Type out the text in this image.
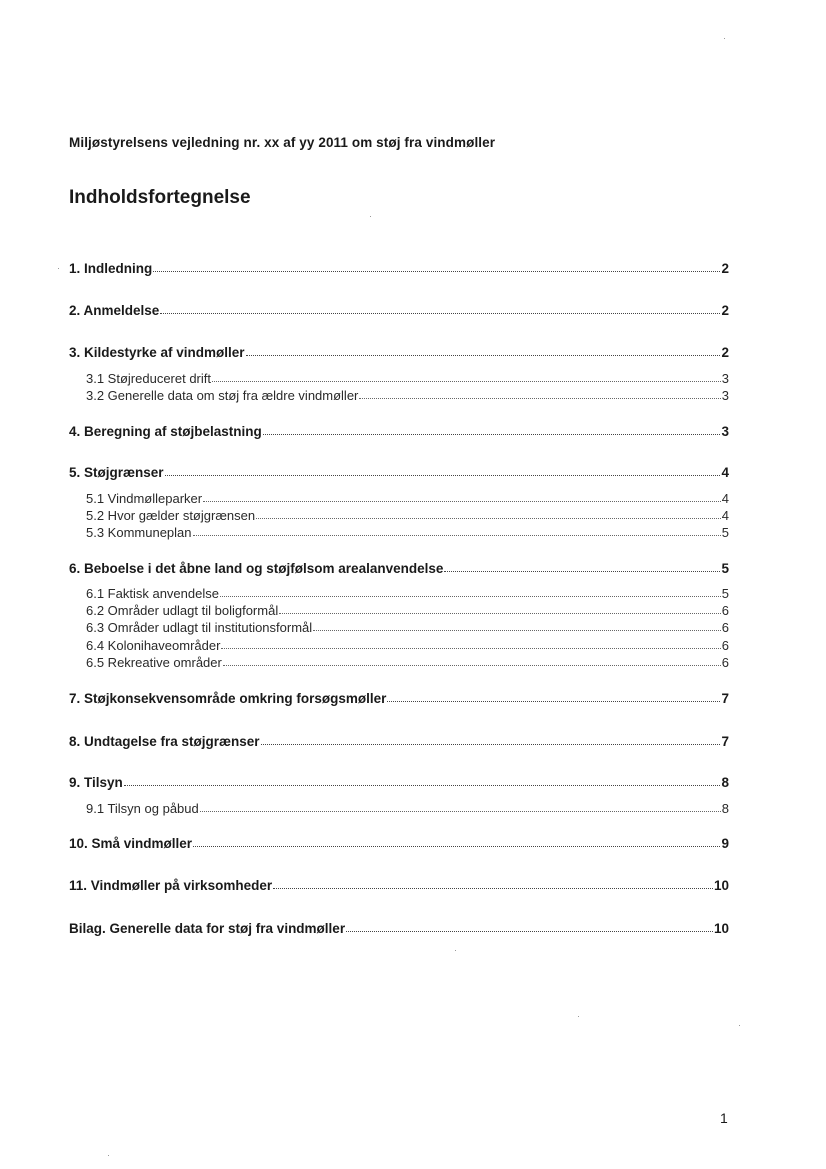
Miljøstyrelsens vejledning nr. xx af yy 2011 om støj fra vindmøller
Indholdsfortegnelse
1. Indledning	2
2. Anmeldelse	2
3. Kildestyrke af vindmøller	2
3.1 Støjreduceret drift	3
3.2 Generelle data om støj fra ældre vindmøller	3
4. Beregning af støjbelastning	3
5. Støjgrænser	4
5.1 Vindmølleparker	4
5.2 Hvor gælder støjgrænsen	4
5.3 Kommuneplan	5
6. Beboelse i det åbne land og støjfølsom arealanvendelse	5
6.1 Faktisk anvendelse	5
6.2 Områder udlagt til boligformål	6
6.3 Områder udlagt til institutionsformål	6
6.4 Kolonihaveområder	6
6.5 Rekreative områder	6
7. Støjkonsekvensområde omkring forsøgsmøller	7
8. Undtagelse fra støjgrænser	7
9. Tilsyn	8
9.1 Tilsyn og påbud	8
10. Små vindmøller	9
11. Vindmøller på virksomheder	10
Bilag. Generelle data for støj fra vindmøller	10
1
